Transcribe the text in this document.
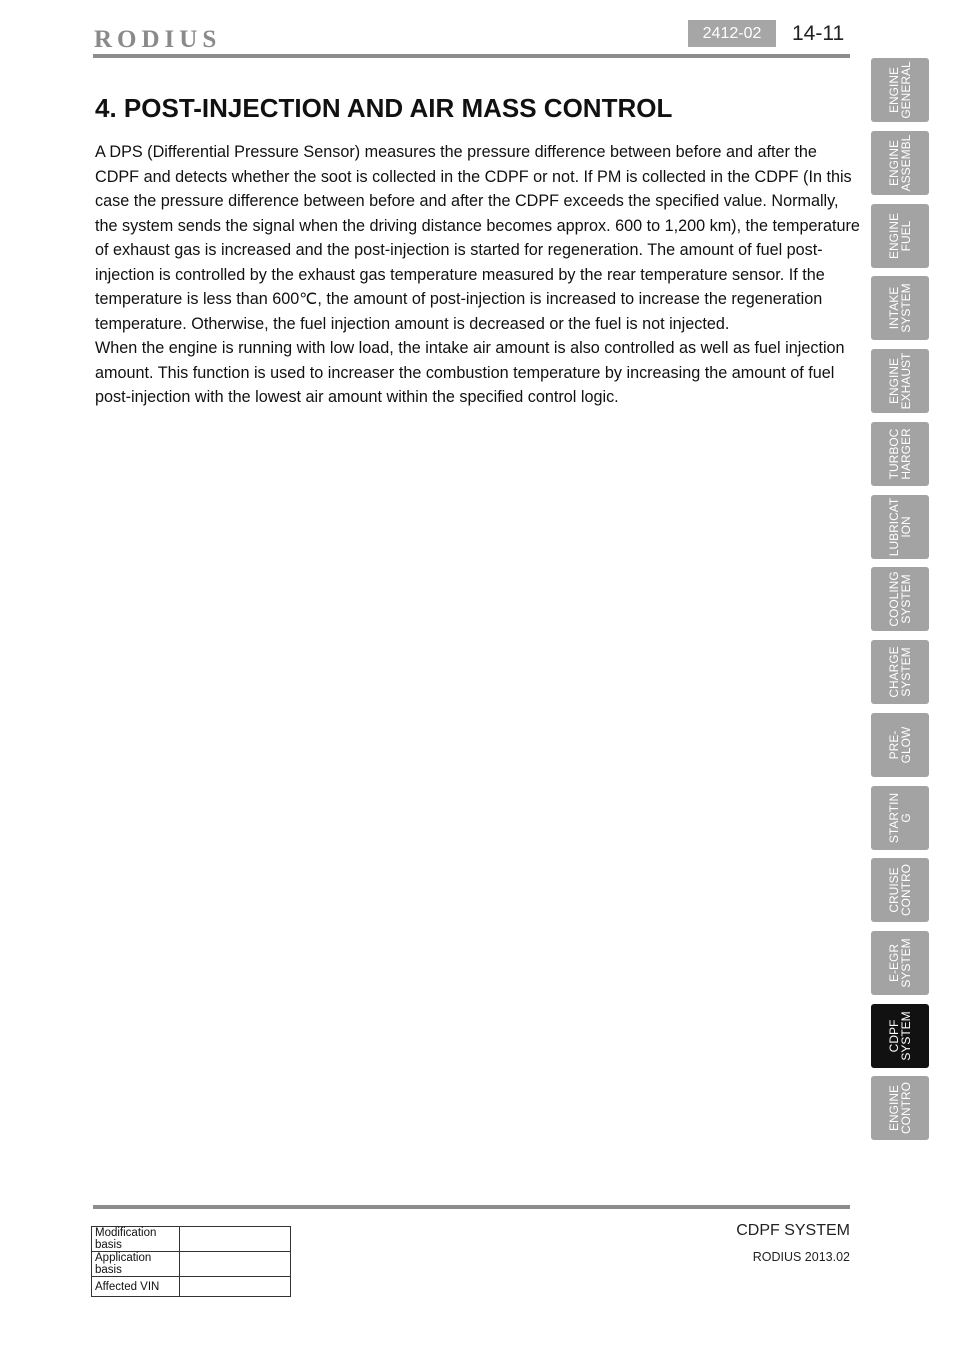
RODIUS	2412-02	14-11
ENGINE
GENERAL
ENGINE
ASSEMBL
ENGINE
FUEL
INTAKE
SYSTEM
ENGINE
EXHAUST
TURBOC
HARGER
LUBRICAT
ION
COOLING
SYSTEM
CHARGE
SYSTEM
PRE-
GLOW
STARTIN
G
CRUISE
CONTRO
E-EGR
SYSTEM
CDPF
SYSTEM
ENGINE
CONTRO
4. POST-INJECTION AND AIR MASS CONTROL

A DPS (Differential Pressure Sensor) measures the pressure difference between before and after the CDPF and detects whether the soot is collected in the CDPF or not. If PM is collected in the CDPF (In this case the pressure difference between before and after the CDPF exceeds the specified value. Normally, the system sends the signal when the driving distance becomes approx. 600 to 1,200 km), the temperature of exhaust gas is increased and the post-injection is started for regeneration. The amount of fuel post-injection is controlled by the exhaust gas temperature measured by the rear temperature sensor. If the temperature is less than 600℃, the amount of post-injection is increased to increase the regeneration temperature. Otherwise, the fuel injection amount is decreased or the fuel is not injected.

When the engine is running with low load, the intake air amount is also controlled as well as fuel injection amount. This function is used to increaser the combustion temperature by increasing the amount of fuel post-injection with the lowest air amount within the specified control logic.

CDPF SYSTEM
RODIUS 2013.02
Modification basis	
Application basis	
Affected VIN	
